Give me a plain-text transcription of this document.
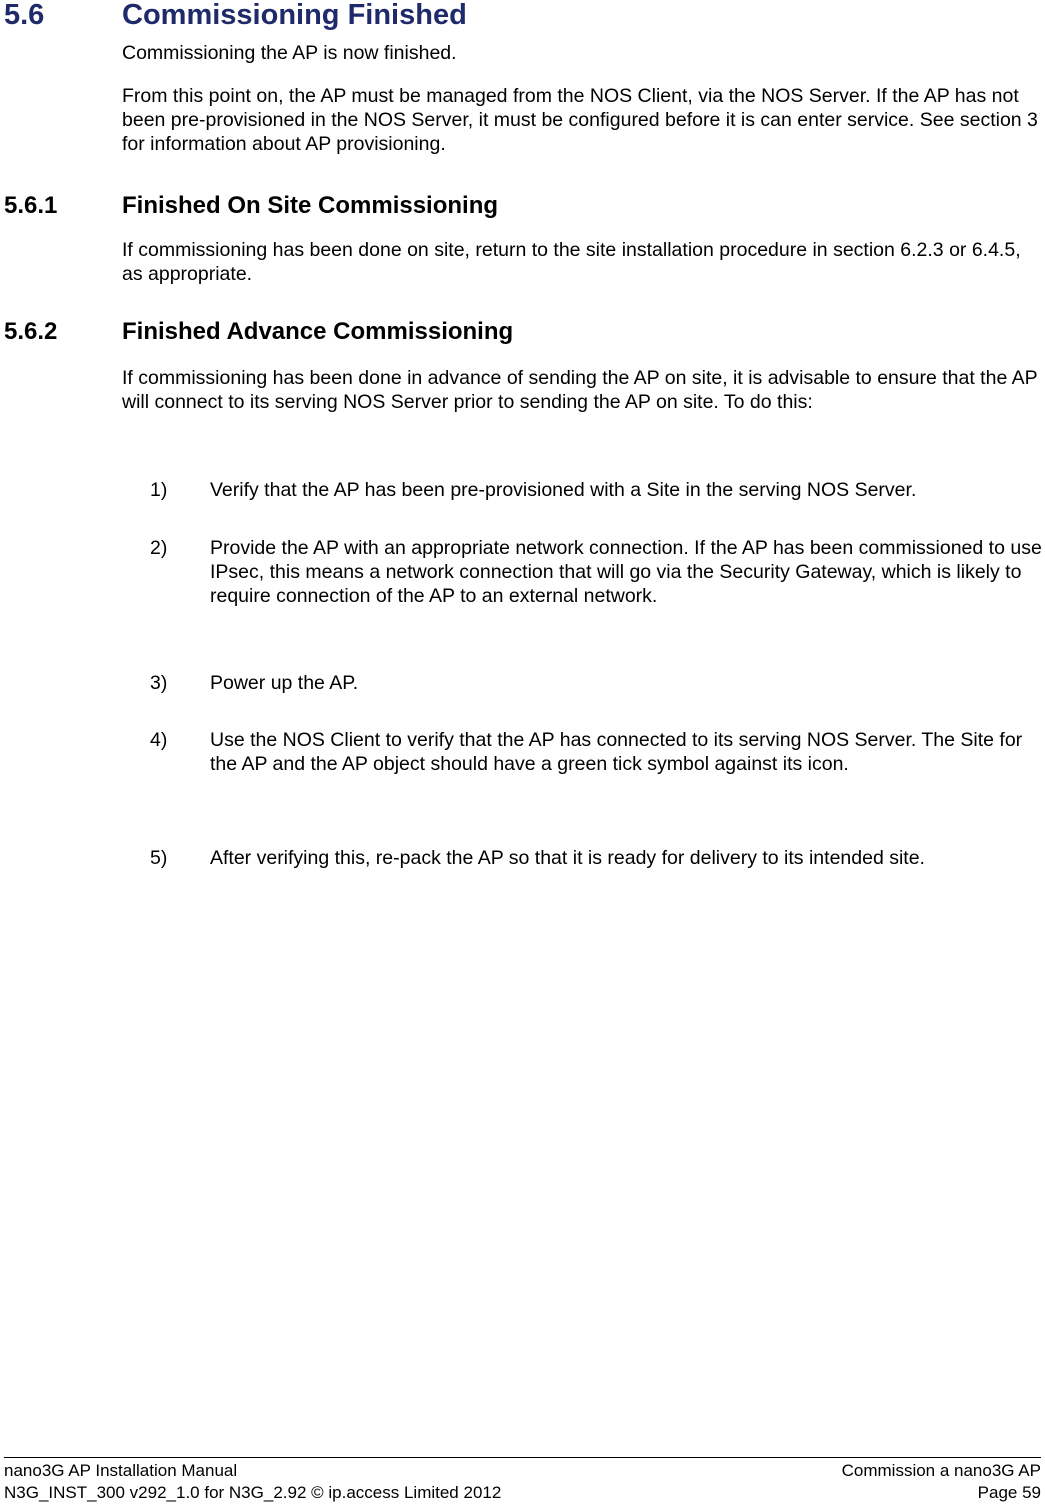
5.6	Commissioning Finished
Commissioning the AP is now finished.
From this point on, the AP must be managed from the NOS Client, via the NOS Server. If the AP has not been pre-provisioned in the NOS Server, it must be configured before it is can enter service. See section 3 for information about AP provisioning.
5.6.1	Finished On Site Commissioning
If commissioning has been done on site, return to the site installation procedure in section 6.2.3 or 6.4.5, as appropriate.
5.6.2	Finished Advance Commissioning
If commissioning has been done in advance of sending the AP on site, it is advisable to ensure that the AP will connect to its serving NOS Server prior to sending the AP on site. To do this:
1)	Verify that the AP has been pre-provisioned with a Site in the serving NOS Server.
2)	Provide the AP with an appropriate network connection. If the AP has been commissioned to use IPsec, this means a network connection that will go via the Security Gateway, which is likely to require connection of the AP to an external network.
3)	Power up the AP.
4)	Use the NOS Client to verify that the AP has connected to its serving NOS Server. The Site for the AP and the AP object should have a green tick symbol against its icon.
5)	After verifying this, re-pack the AP so that it is ready for delivery to its intended site.
nano3G AP Installation Manual
N3G_INST_300 v292_1.0 for N3G_2.92 © ip.access Limited 2012
Commission a nano3G AP
Page 59
